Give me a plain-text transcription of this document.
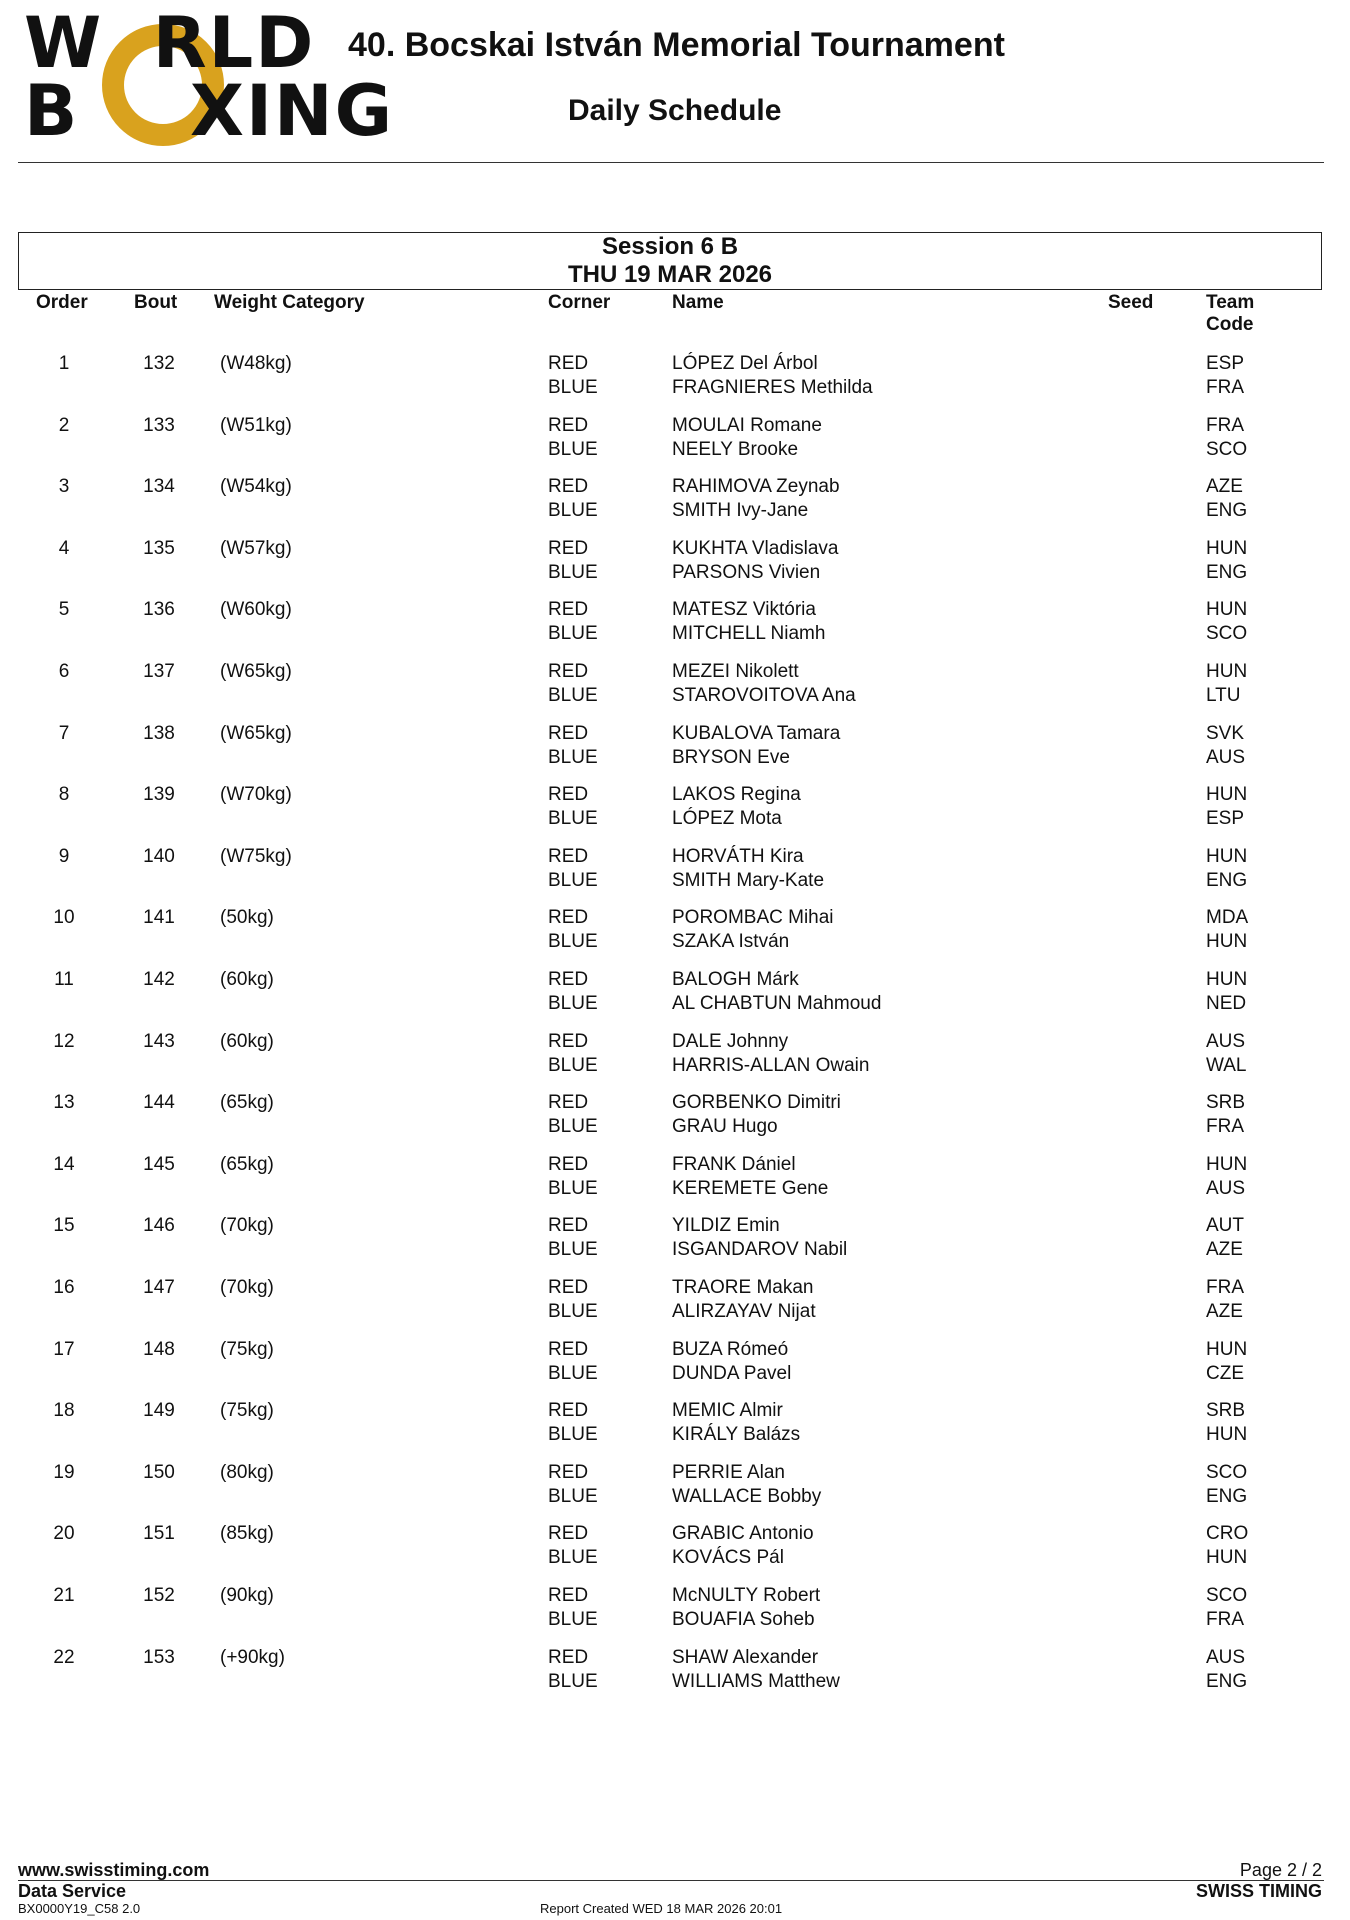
W
RLD
B XING
40. Bocskai István Memorial Tournament
Daily Schedule
Session 6 B
THU 19 MAR 2026
Order Bout Weight Category	Corner	Name	Seed	Team
Code
1	132	(W48kg)	RED	LÓPEZ Del Árbol	ESP
BLUE	FRAGNIERES Methilda	FRA
2	133	(W51kg)	RED	MOULAI Romane	FRA
BLUE	NEELY Brooke	SCO
3	134	(W54kg)	RED	RAHIMOVA Zeynab	AZE
BLUE	SMITH Ivy-Jane	ENG
4	135	(W57kg)	RED	KUKHTA Vladislava	HUN
BLUE	PARSONS Vivien	ENG
5	136	(W60kg)	RED	MATESZ Viktória	HUN
BLUE	MITCHELL Niamh	SCO
6	137	(W65kg)	RED	MEZEI Nikolett	HUN
BLUE	STAROVOITOVA Ana	LTU
7	138	(W65kg)	RED	KUBALOVA Tamara	SVK
BLUE	BRYSON Eve	AUS
8	139	(W70kg)	RED	LAKOS Regina	HUN
BLUE	LÓPEZ Mota	ESP
9	140	(W75kg)	RED	HORVÁTH Kira	HUN
BLUE	SMITH Mary-Kate	ENG
10	141	(50kg)	RED	POROMBAC Mihai	MDA
BLUE	SZAKA István	HUN
11	142	(60kg)	RED	BALOGH Márk	HUN
BLUE	AL CHABTUN Mahmoud	NED
12	143	(60kg)	RED	DALE Johnny	AUS
BLUE	HARRIS-ALLAN Owain	WAL
13	144	(65kg)	RED	GORBENKO Dimitri	SRB
BLUE	GRAU Hugo	FRA
14	145	(65kg)	RED	FRANK Dániel	HUN
BLUE	KEREMETE Gene	AUS
15	146	(70kg)	RED	YILDIZ Emin	AUT
BLUE	ISGANDAROV Nabil	AZE
16	147	(70kg)	RED	TRAORE Makan	FRA
BLUE	ALIRZAYAV Nijat	AZE
17	148	(75kg)	RED	BUZA Rómeó	HUN
BLUE	DUNDA Pavel	CZE
18	149	(75kg)	RED	MEMIC Almir	SRB
BLUE	KIRÁLY Balázs	HUN
19	150	(80kg)	RED	PERRIE Alan	SCO
BLUE	WALLACE Bobby	ENG
20	151	(85kg)	RED	GRABIC Antonio	CRO
BLUE	KOVÁCS Pál	HUN
21	152	(90kg)	RED	McNULTY Robert	SCO
BLUE	BOUAFIA Soheb	FRA
22	153	(+90kg)	RED	SHAW Alexander	AUS
BLUE	WILLIAMS Matthew	ENG
www.swisstiming.com
Data Service
BX0000Y19_C58 2.0	Report Created WED 18 MAR 2026 20:01
Page 2 / 2
SWISS TIMING
